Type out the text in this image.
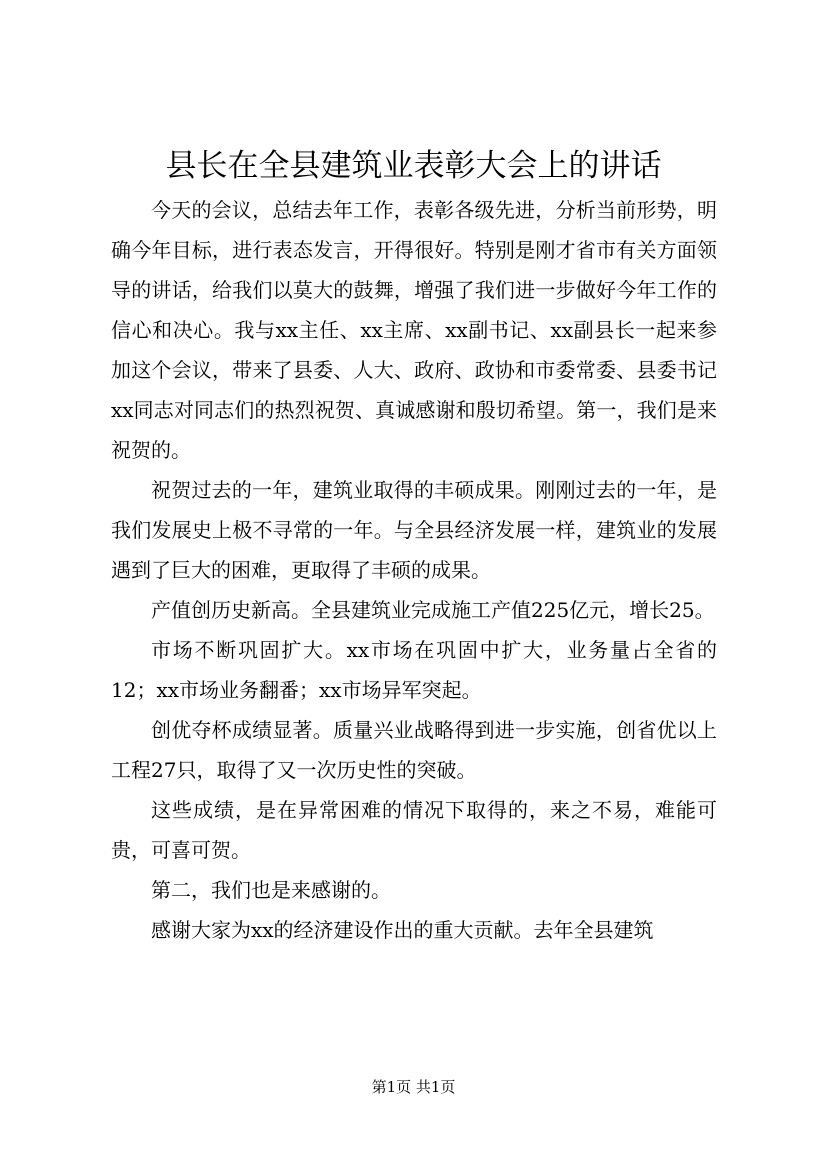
县长在全县建筑业表彰大会上的讲话

今天的会议，总结去年工作，表彰各级先进，分析当前形势，明确今年目标，进行表态发言，开得很好。特别是刚才省市有关方面领导的讲话，给我们以莫大的鼓舞，增强了我们进一步做好今年工作的信心和决心。我与xx主任、xx主席、xx副书记、xx副县长一起来参加这个会议，带来了县委、人大、政府、政协和市委常委、县委书记xx同志对同志们的热烈祝贺、真诚感谢和殷切希望。第一，我们是来祝贺的。

祝贺过去的一年，建筑业取得的丰硕成果。刚刚过去的一年，是我们发展史上极不寻常的一年。与全县经济发展一样，建筑业的发展遇到了巨大的困难，更取得了丰硕的成果。

产值创历史新高。全县建筑业完成施工产值225亿元，增长25。

市场不断巩固扩大。xx市场在巩固中扩大，业务量占全省的12；xx市场业务翻番；xx市场异军突起。

创优夺杯成绩显著。质量兴业战略得到进一步实施，创省优以上工程27只，取得了又一次历史性的突破。

这些成绩，是在异常困难的情况下取得的，来之不易，难能可贵，可喜可贺。

第二，我们也是来感谢的。

感谢大家为xx的经济建设作出的重大贡献。去年全县建筑

第1页 共1页
